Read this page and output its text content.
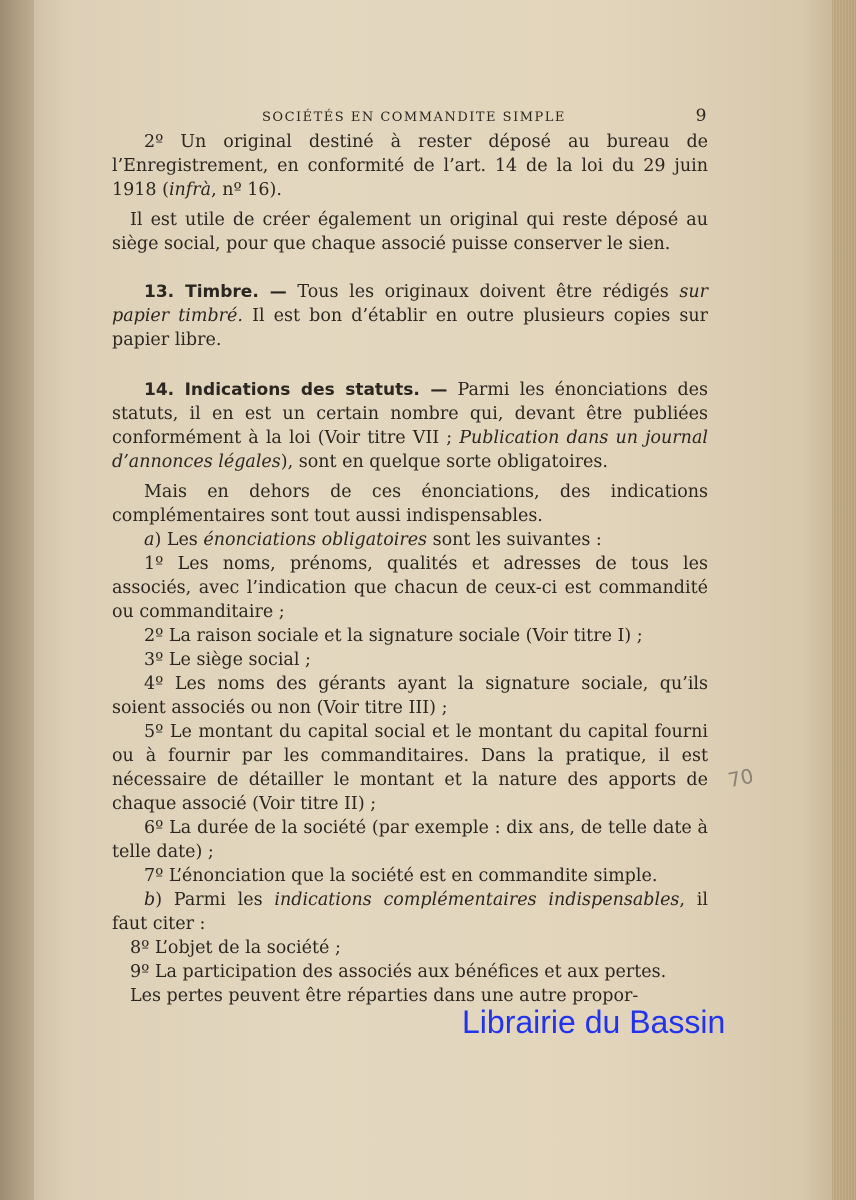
SOCIÉTÉS EN COMMANDITE SIMPLE	9

2º Un original destiné à rester déposé au bureau de l’Enregistrement, en conformité de l’art. 14 de la loi du 29 juin 1918 (infrà, nº 16).

Il est utile de créer également un original qui reste déposé au siège social, pour que chaque associé puisse conserver le sien.

13. Timbre. — Tous les originaux doivent être rédigés sur papier timbré. Il est bon d’établir en outre plusieurs copies sur papier libre.

14. Indications des statuts. — Parmi les énonciations des statuts, il en est un certain nombre qui, devant être publiées conformément à la loi (Voir titre VII ; Publication dans un journal d’annonces légales), sont en quelque sorte obligatoires.

Mais en dehors de ces énonciations, des indications complémentaires sont tout aussi indispensables.

a) Les énonciations obligatoires sont les suivantes :

1º Les noms, prénoms, qualités et adresses de tous les associés, avec l’indication que chacun de ceux-ci est commandité ou commanditaire ;

2º La raison sociale et la signature sociale (Voir titre I) ;

3º Le siège social ;

4º Les noms des gérants ayant la signature sociale, qu’ils soient associés ou non (Voir titre III) ;

5º Le montant du capital social et le montant du capital fourni ou à fournir par les commanditaires. Dans la pratique, il est nécessaire de détailler le montant et la nature des apports de chaque associé (Voir titre II) ;

6º La durée de la société (par exemple : dix ans, de telle date à telle date) ;

7º L’énonciation que la société est en commandite simple.

b) Parmi les indications complémentaires indispensables, il faut citer :

8º L’objet de la société ;

9º La participation des associés aux bénéfices et aux pertes.

Les pertes peuvent être réparties dans une autre propor-

70
Librairie du Bassin
